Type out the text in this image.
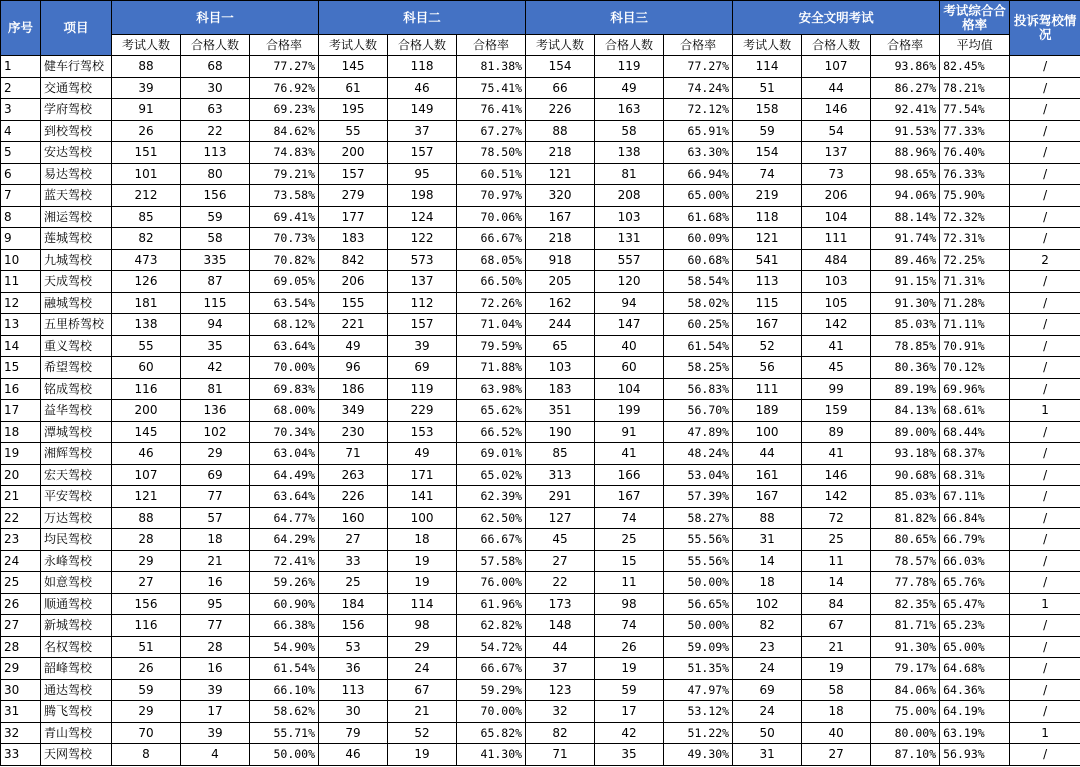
序号	项目	科目一			科目二			科目三			安全文明考试			考试综合合格率	投诉驾校情况
		考试人数	合格人数	合格率	考试人数	合格人数	合格率	考试人数	合格人数	合格率	考试人数	合格人数	合格率	平均值	
1	健车行驾校	88	68	77.27%	145	118	81.38%	154	119	77.27%	114	107	93.86%	82.45%	/
2	交通驾校	39	30	76.92%	61	46	75.41%	66	49	74.24%	51	44	86.27%	78.21%	/
3	学府驾校	91	63	69.23%	195	149	76.41%	226	163	72.12%	158	146	92.41%	77.54%	/
4	到校驾校	26	22	84.62%	55	37	67.27%	88	58	65.91%	59	54	91.53%	77.33%	/
5	安达驾校	151	113	74.83%	200	157	78.50%	218	138	63.30%	154	137	88.96%	76.40%	/
6	易达驾校	101	80	79.21%	157	95	60.51%	121	81	66.94%	74	73	98.65%	76.33%	/
7	蓝天驾校	212	156	73.58%	279	198	70.97%	320	208	65.00%	219	206	94.06%	75.90%	/
8	湘运驾校	85	59	69.41%	177	124	70.06%	167	103	61.68%	118	104	88.14%	72.32%	/
9	莲城驾校	82	58	70.73%	183	122	66.67%	218	131	60.09%	121	111	91.74%	72.31%	/
10	九城驾校	473	335	70.82%	842	573	68.05%	918	557	60.68%	541	484	89.46%	72.25%	2
11	天成驾校	126	87	69.05%	206	137	66.50%	205	120	58.54%	113	103	91.15%	71.31%	/
12	融城驾校	181	115	63.54%	155	112	72.26%	162	94	58.02%	115	105	91.30%	71.28%	/
13	五里桥驾校	138	94	68.12%	221	157	71.04%	244	147	60.25%	167	142	85.03%	71.11%	/
14	重义驾校	55	35	63.64%	49	39	79.59%	65	40	61.54%	52	41	78.85%	70.91%	/
15	希望驾校	60	42	70.00%	96	69	71.88%	103	60	58.25%	56	45	80.36%	70.12%	/
16	铭成驾校	116	81	69.83%	186	119	63.98%	183	104	56.83%	111	99	89.19%	69.96%	/
17	益华驾校	200	136	68.00%	349	229	65.62%	351	199	56.70%	189	159	84.13%	68.61%	1
18	潭城驾校	145	102	70.34%	230	153	66.52%	190	91	47.89%	100	89	89.00%	68.44%	/
19	湘辉驾校	46	29	63.04%	71	49	69.01%	85	41	48.24%	44	41	93.18%	68.37%	/
20	宏天驾校	107	69	64.49%	263	171	65.02%	313	166	53.04%	161	146	90.68%	68.31%	/
21	平安驾校	121	77	63.64%	226	141	62.39%	291	167	57.39%	167	142	85.03%	67.11%	/
22	万达驾校	88	57	64.77%	160	100	62.50%	127	74	58.27%	88	72	81.82%	66.84%	/
23	均民驾校	28	18	64.29%	27	18	66.67%	45	25	55.56%	31	25	80.65%	66.79%	/
24	永峰驾校	29	21	72.41%	33	19	57.58%	27	15	55.56%	14	11	78.57%	66.03%	/
25	如意驾校	27	16	59.26%	25	19	76.00%	22	11	50.00%	18	14	77.78%	65.76%	/
26	顺通驾校	156	95	60.90%	184	114	61.96%	173	98	56.65%	102	84	82.35%	65.47%	1
27	新城驾校	116	77	66.38%	156	98	62.82%	148	74	50.00%	82	67	81.71%	65.23%	/
28	名权驾校	51	28	54.90%	53	29	54.72%	44	26	59.09%	23	21	91.30%	65.00%	/
29	韶峰驾校	26	16	61.54%	36	24	66.67%	37	19	51.35%	24	19	79.17%	64.68%	/
30	通达驾校	59	39	66.10%	113	67	59.29%	123	59	47.97%	69	58	84.06%	64.36%	/
31	腾飞驾校	29	17	58.62%	30	21	70.00%	32	17	53.12%	24	18	75.00%	64.19%	/
32	青山驾校	70	39	55.71%	79	52	65.82%	82	42	51.22%	50	40	80.00%	63.19%	1
33	天网驾校	8	4	50.00%	46	19	41.30%	71	35	49.30%	31	27	87.10%	56.93%	/
